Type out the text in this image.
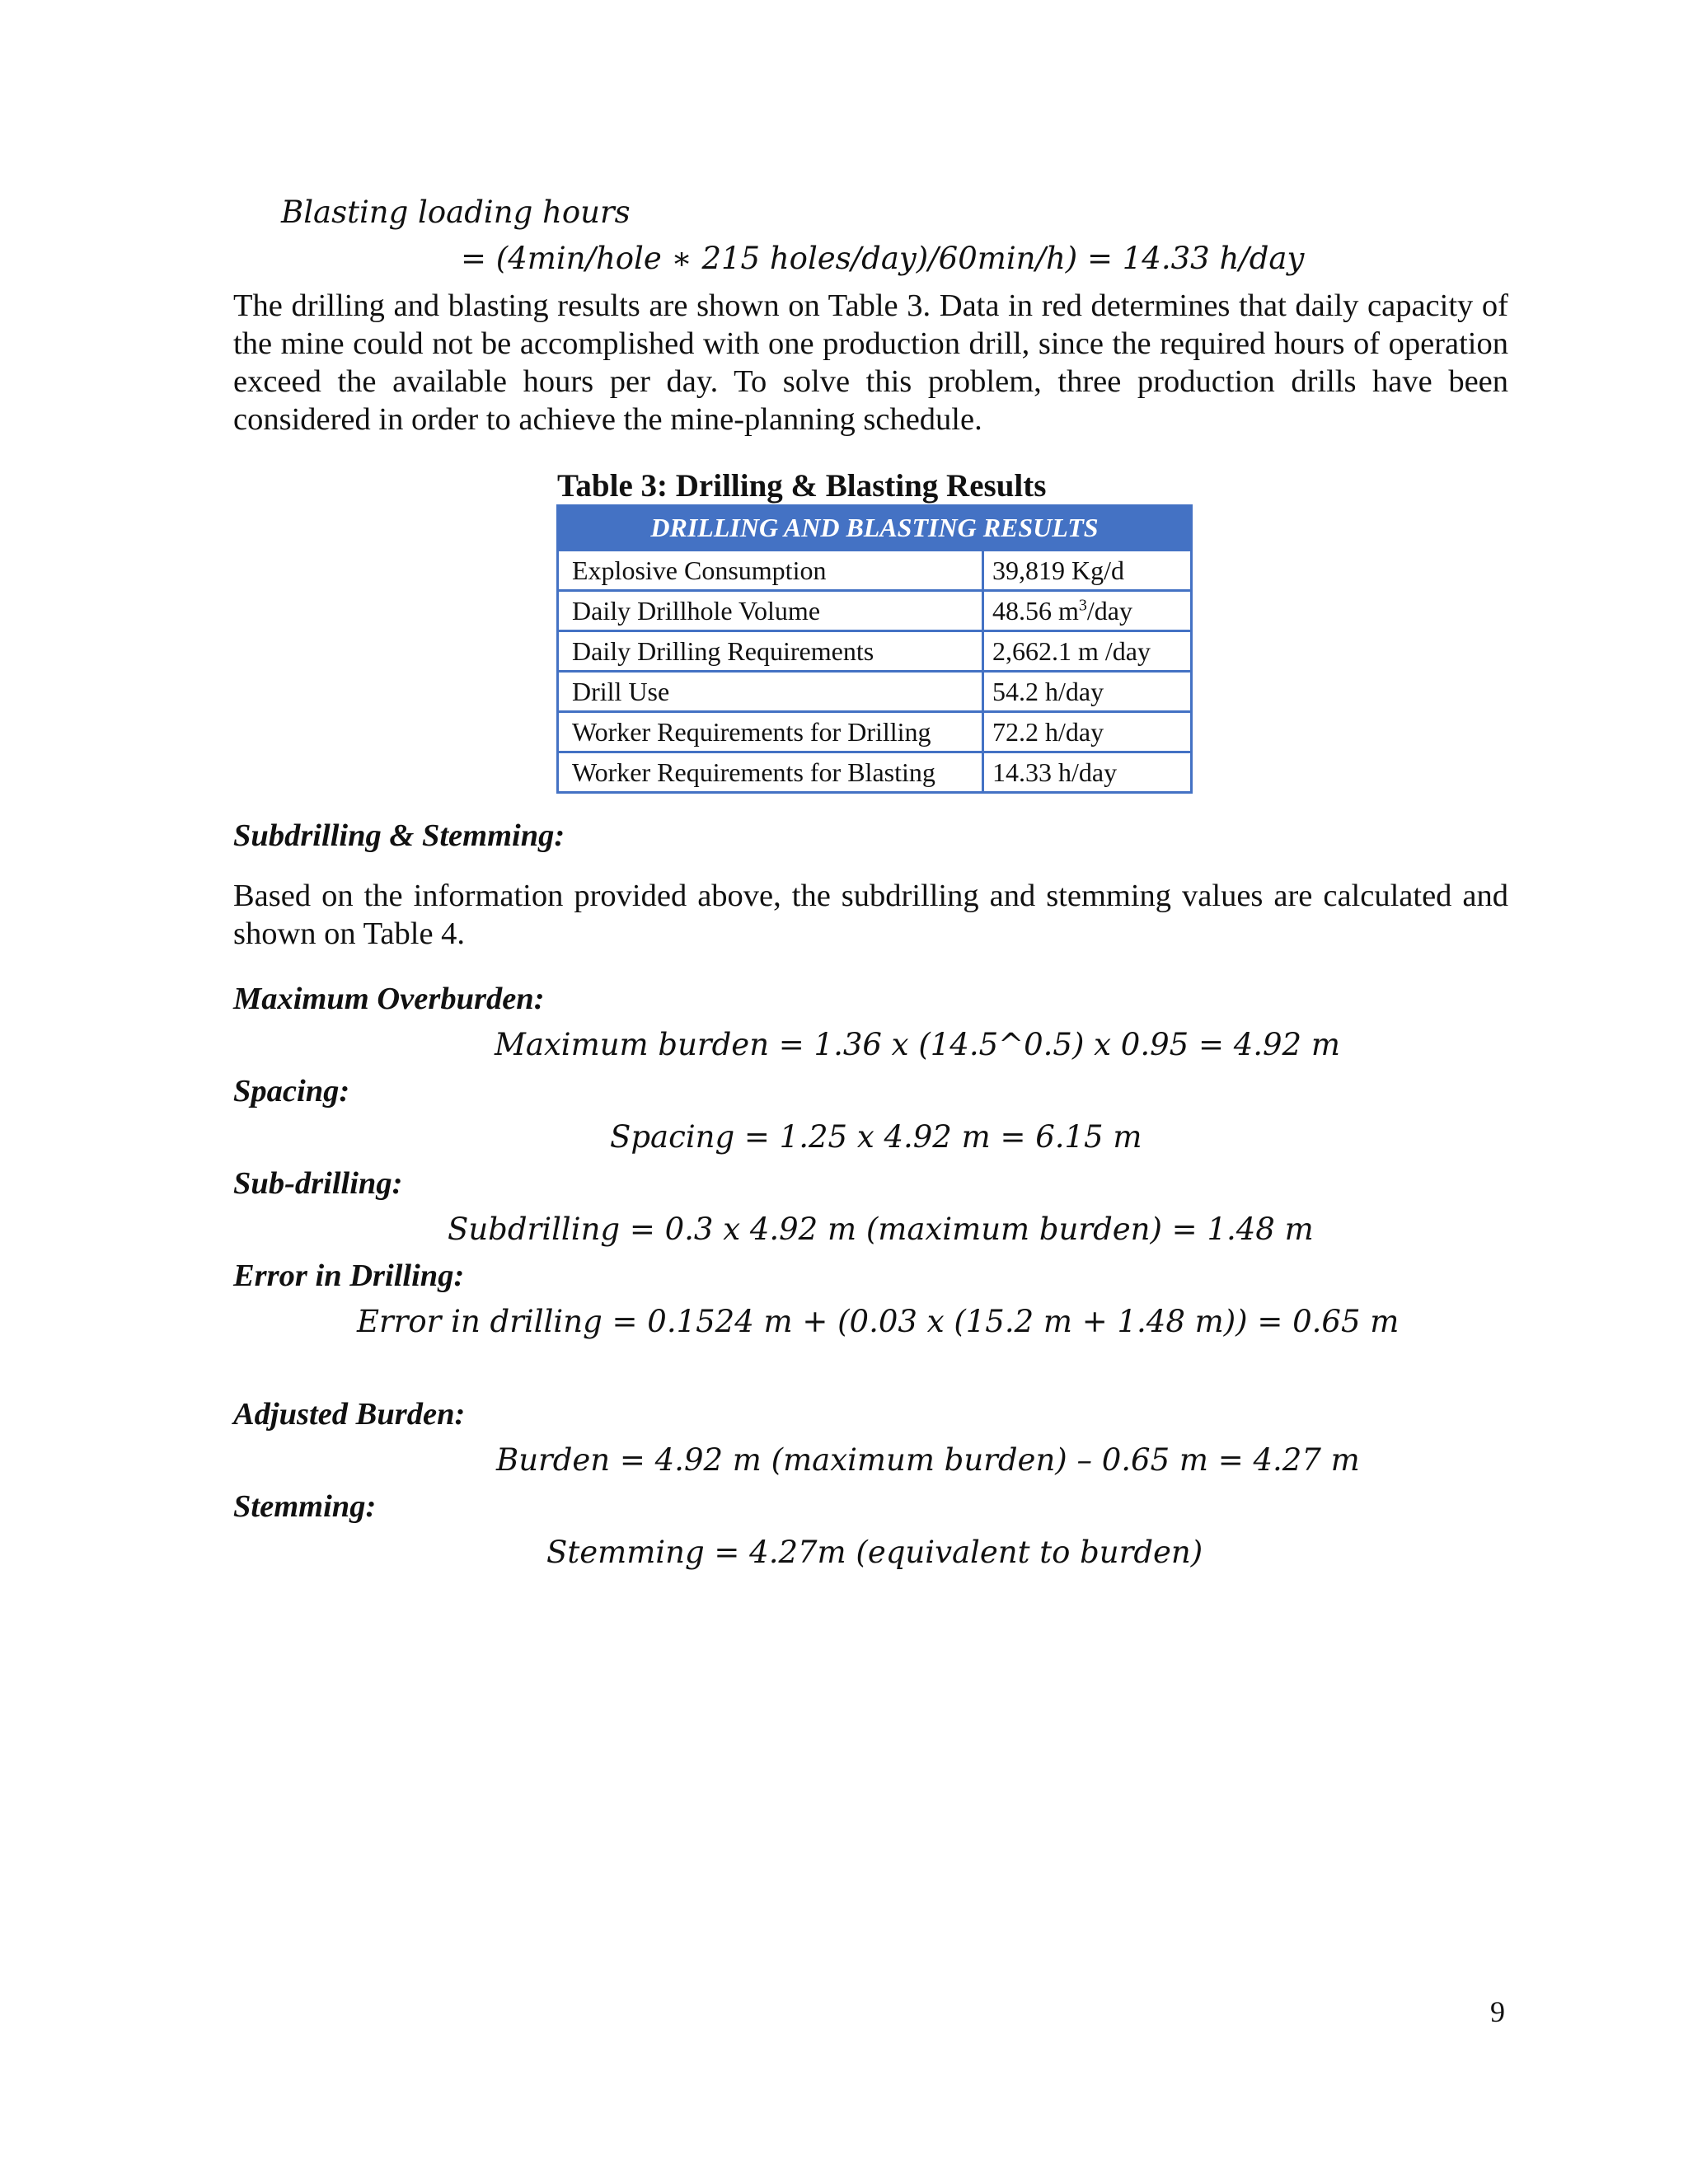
Blasting loading hours
= (4min/hole ∗ 215 holes/day)/60min/h) = 14.33 h/day

The drilling and blasting results are shown on Table 3. Data in red determines that daily capacity of the mine could not be accomplished with one production drill, since the required hours of operation exceed the available hours per day. To solve this problem, three production drills have been considered in order to achieve the mine-planning schedule.

Table 3: Drilling & Blasting Results

DRILLING AND BLASTING RESULTS	
Explosive Consumption	39,819 Kg/d
Daily Drillhole Volume	48.56 $m^3$/day
Daily Drilling Requirements	2,662.1 m /day
Drill Use	54.2 h/day
Worker Requirements for Drilling	72.2 h/day
Worker Requirements for Blasting	14.33 h/day

Subdrilling & Stemming:

Based on the information provided above, the subdrilling and stemming values are calculated and shown on Table 4.

Maximum Overburden:

Maximum burden = 1.36 x (14.5^0.5) x 0.95 = 4.92 m

Spacing:

Spacing = 1.25 x 4.92 m = 6.15 m

Sub-drilling:

Subdrilling = 0.3 x 4.92 m (maximum burden) = 1.48 m

Error in Drilling:

Error in drilling = 0.1524 m + (0.03 x (15.2 m + 1.48 m)) = 0.65 m

Adjusted Burden:

Burden = 4.92 m (maximum burden) – 0.65 m = 4.27 m

Stemming:

Stemming = 4.27m (equivalent to burden)
9
